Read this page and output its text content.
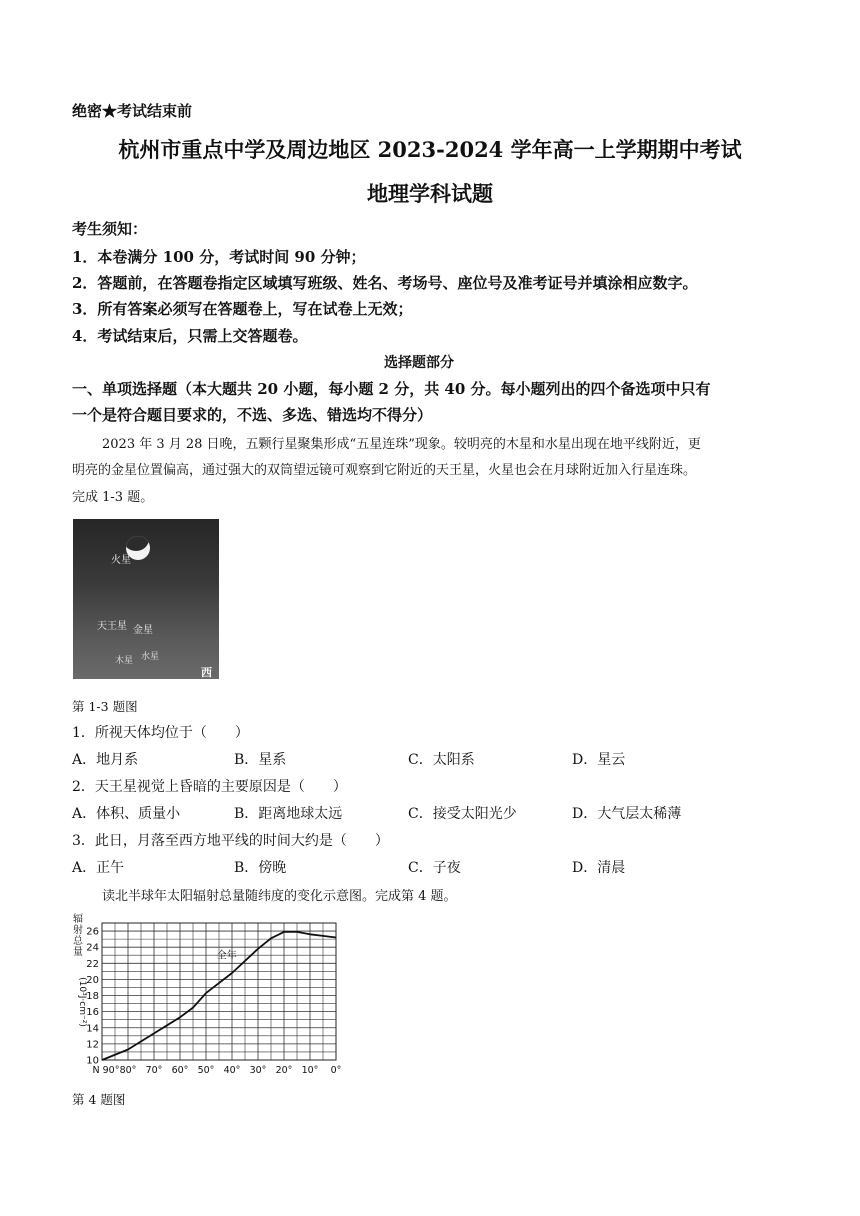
绝密★考试结束前
杭州市重点中学及周边地区 2023-2024 学年高一上学期期中考试
地理学科试题
考生须知：
1．本卷满分 100 分，考试时间 90 分钟；
2．答题前，在答题卷指定区域填写班级、姓名、考场号、座位号及准考证号并填涂相应数字。
3．所有答案必须写在答题卷上，写在试卷上无效；
4．考试结束后，只需上交答题卷。
选择题部分
一、单项选择题（本大题共 20 小题，每小题 2 分，共 40 分。每小题列出的四个备选项中只有
一个是符合题目要求的，不选、多选、错选均不得分）
2023 年 3 月 28 日晚，五颗行星聚集形成“五星连珠”现象。较明亮的木星和水星出现在地平线附近，更
明亮的金星位置偏高，通过强大的双筒望远镜可观察到它附近的天王星，火星也会在月球附近加入行星连珠。
完成 1-3 题。
火星
天王星 金星
木星 水星
西
第 1-3 题图
1．所视天体均位于（　　）
A．地月系	B．星系	C．太阳系	D．星云
2．天王星视觉上昏暗的主要原因是（　　）
A．体积、质量小	B．距离地球太远	C．接受太阳光少	D．大气层太稀薄
3．此日，月落至西方地平线的时间大约是（　　）
A．正午	B．傍晚	C．子夜	D．清晨
读北半球年太阳辐射总量随纬度的变化示意图。完成第 4 题。
辐
射
总
量
(10³J·cm⁻²)
10
12
14
16
18
20
22
24
26
N 90° 80° 70° 60° 50° 40° 30° 20° 10° 0°
全年
第 4 题图
